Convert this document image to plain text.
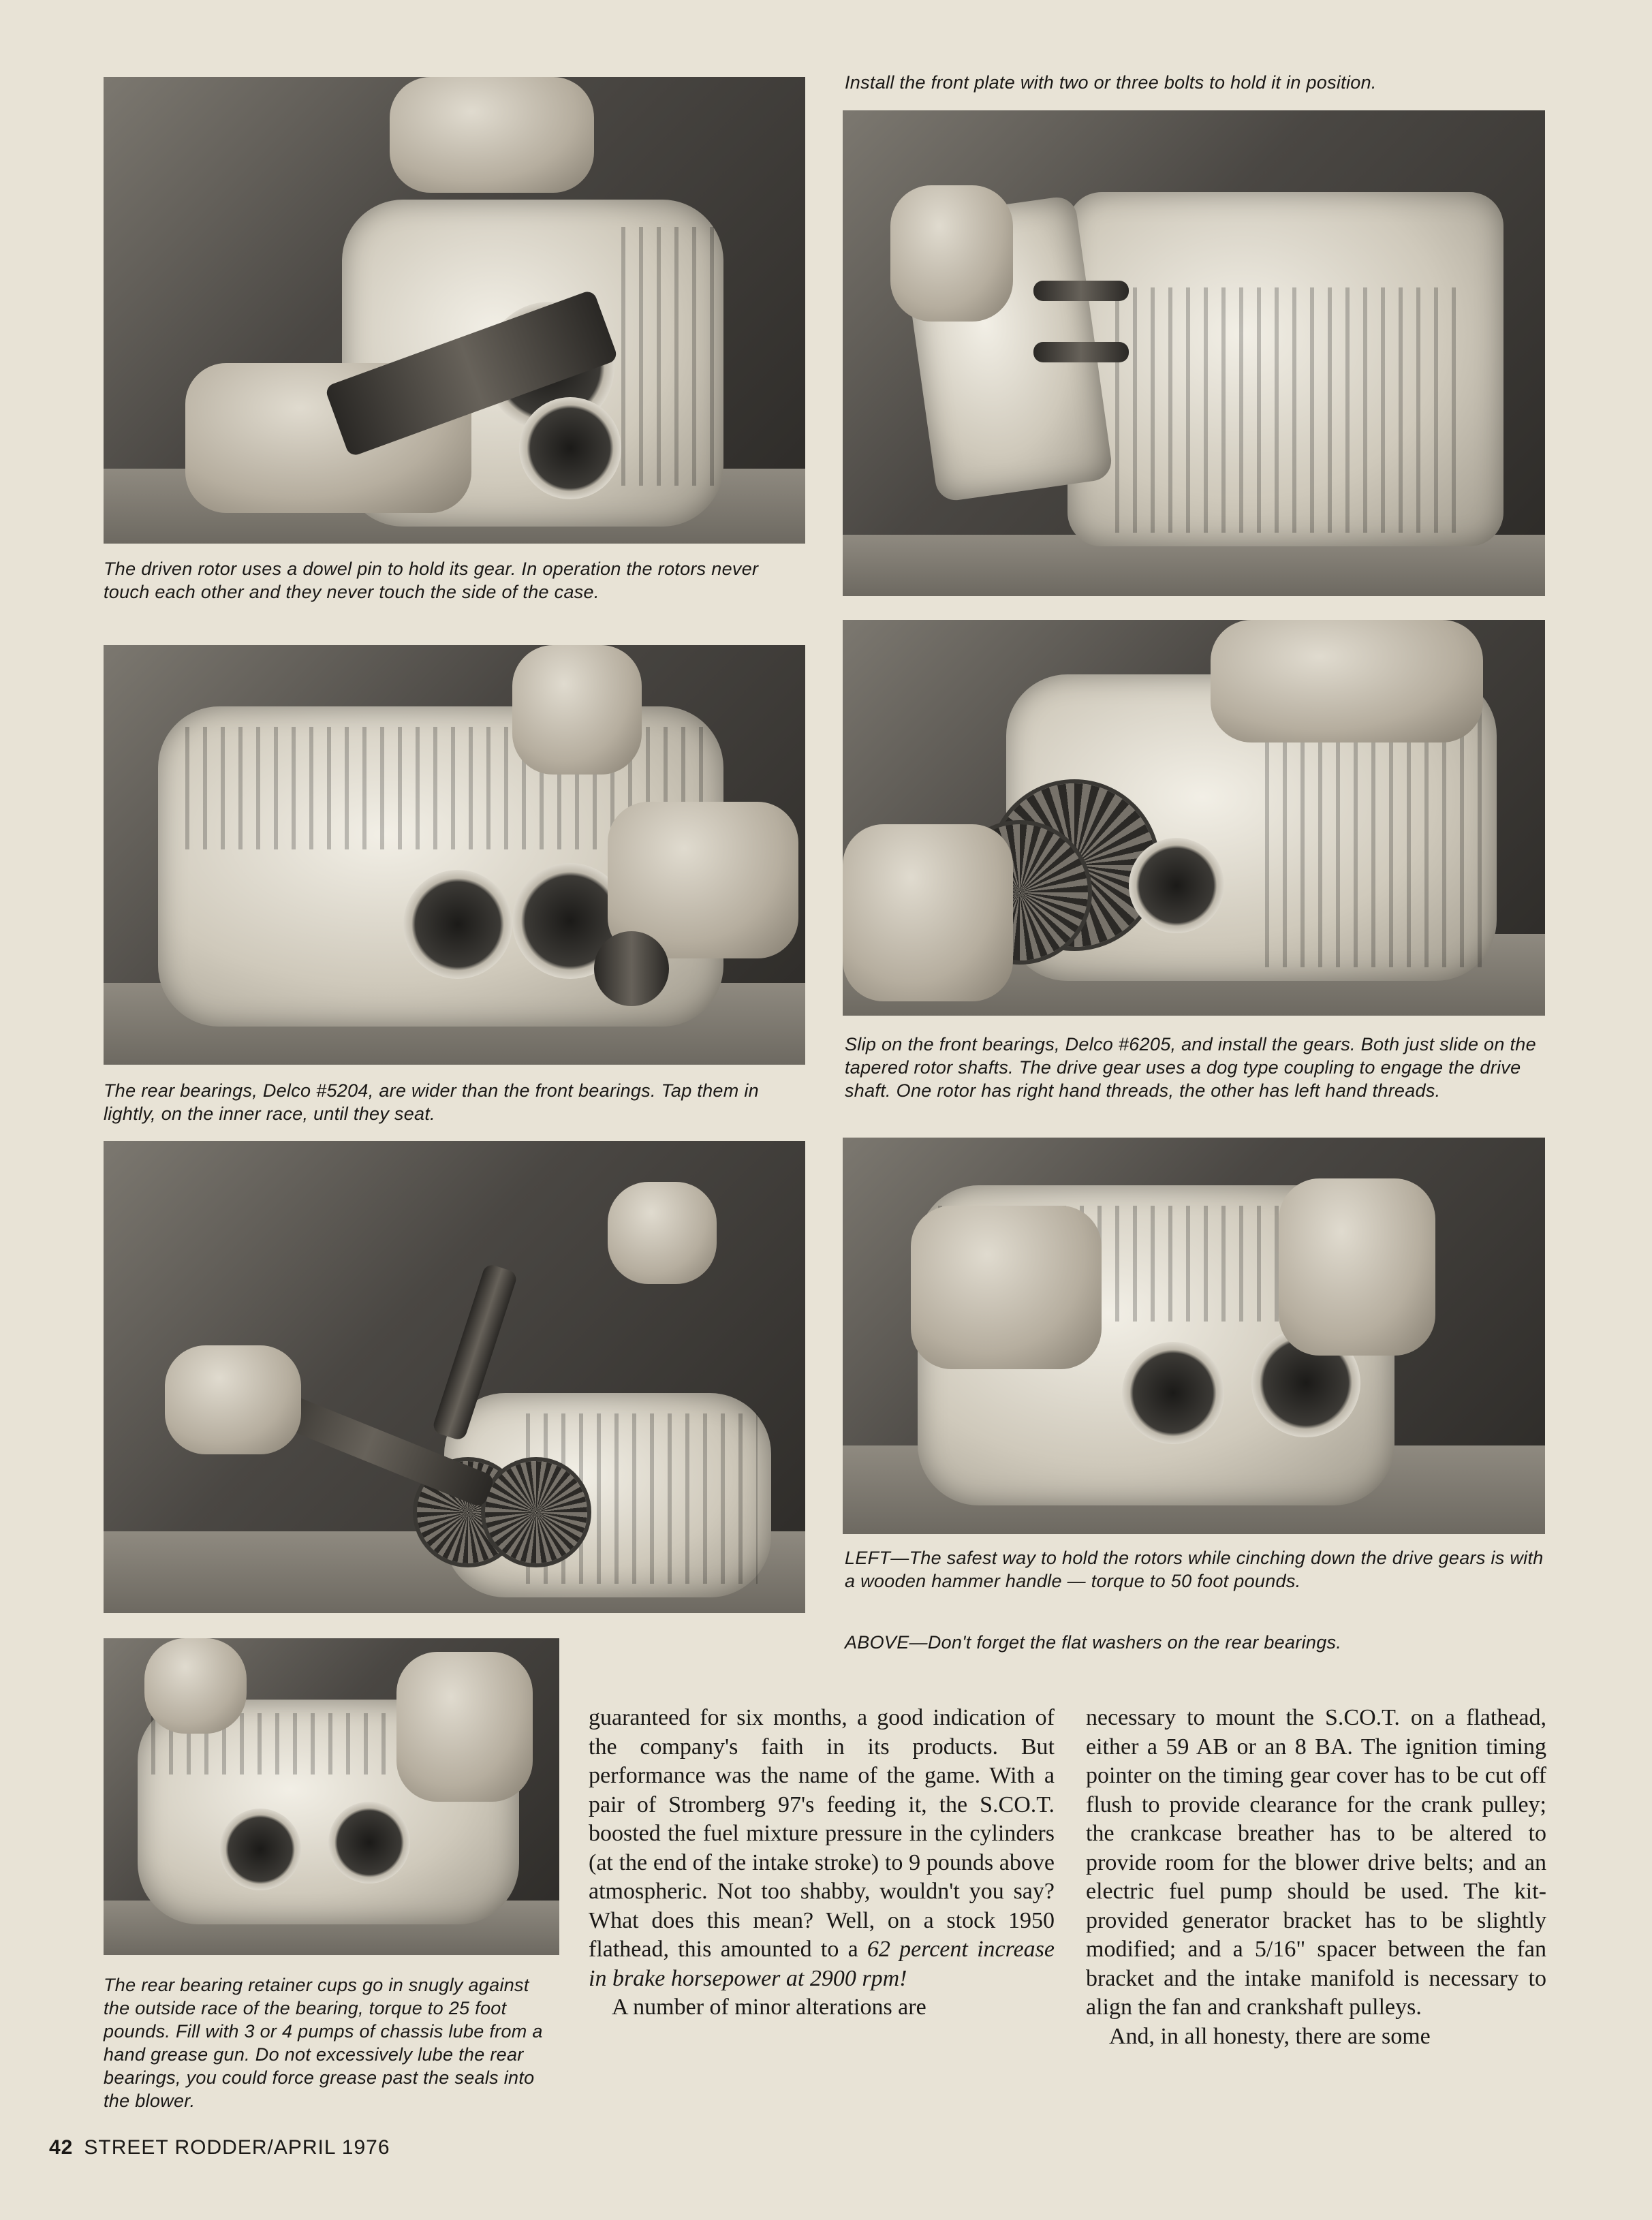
The driven rotor uses a dowel pin to hold its gear. In operation the rotors never touch each other and they never touch the side of the case.

Install the front plate with two or three bolts to hold it in position.

The rear bearings, Delco #5204, are wider than the front bearings. Tap them in lightly, on the inner race, until they seat.

Slip on the front bearings, Delco #6205, and install the gears. Both just slide on the tapered rotor shafts. The drive gear uses a dog type coupling to engage the drive shaft. One rotor has right hand threads, the other has left hand threads.

LEFT—The safest way to hold the rotors while cinching down the drive gears is with a wooden hammer handle — torque to 50 foot pounds.
ABOVE—Don't forget the flat washers on the rear bearings.

The rear bearing retainer cups go in snugly against the outside race of the bearing, torque to 25 foot pounds. Fill with 3 or 4 pumps of chassis lube from a hand grease gun. Do not excessively lube the rear bearings, you could force grease past the seals into the blower.

guaranteed for six months, a good indication of the company's faith in its products. But performance was the name of the game. With a pair of Stromberg 97's feeding it, the S.CO.T. boosted the fuel mixture pressure in the cylinders (at the end of the intake stroke) to 9 pounds above atmospheric. Not too shabby, wouldn't you say? What does this mean? Well, on a stock 1950 flathead, this amounted to a 62 percent increase in brake horsepower at 2900 rpm!

A number of minor alterations are

necessary to mount the S.CO.T. on a flathead, either a 59 AB or an 8 BA. The ignition timing pointer on the timing gear cover has to be cut off flush to provide clearance for the crank pulley; the crankcase breather has to be altered to provide room for the blower drive belts; and an electric fuel pump should be used. The kit-provided generator bracket has to be slightly modified; and a 5/16" spacer between the fan bracket and the intake manifold is necessary to align the fan and crankshaft pulleys.

And, in all honesty, there are some

42 STREET RODDER/APRIL 1976
